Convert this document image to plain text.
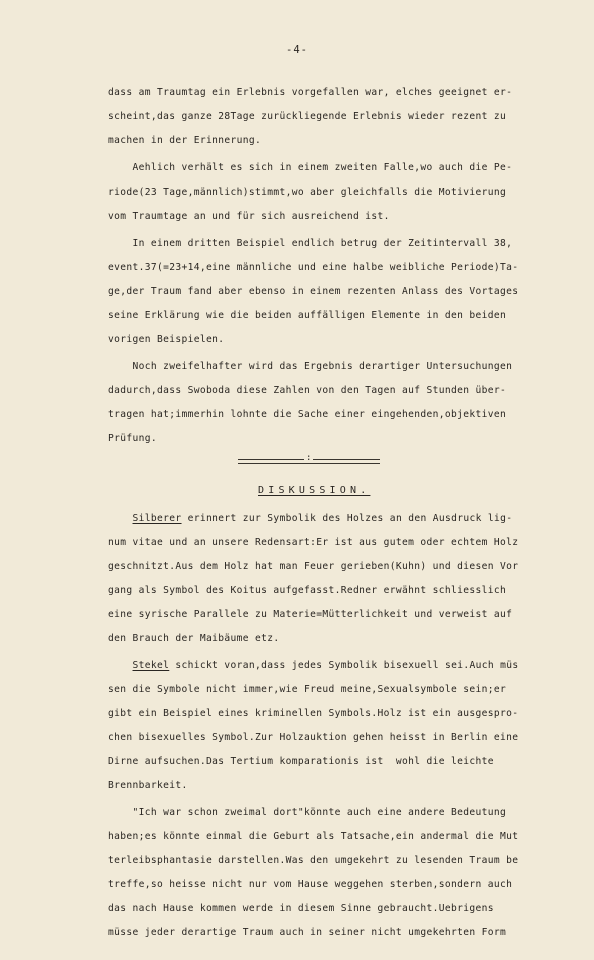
-4-
dass am Traumtag ein Erlebnis vorgefallen war, elches geeignet er-
scheint,das ganze 28Tage zurückliegende Erlebnis wieder rezent zu
machen in der Erinnerung.
Aehlich verhält es sich in einem zweiten Falle,wo auch die Pe-
riode(23 Tage,männlich)stimmt,wo aber gleichfalls die Motivierung
vom Traumtage an und für sich ausreichend ist.
In einem dritten Beispiel endlich betrug der Zeitintervall 38,
event.37(=23+14,eine männliche und eine halbe weibliche Periode)Ta-
ge,der Traum fand aber ebenso in einem rezenten Anlass des Vortages
seine Erklärung wie die beiden auffälligen Elemente in den beiden
vorigen Beispielen.
Noch zweifelhafter wird das Ergebnis derartiger Untersuchungen
dadurch,dass Swoboda diese Zahlen von den Tagen auf Stunden über-
tragen hat;immerhin lohnte die Sache einer eingehenden,objektiven
Prüfung.
:
DISKUSSION.
Silberer erinnert zur Symbolik des Holzes an den Ausdruck lig-
num vitae und an unsere Redensart:Er ist aus gutem oder echtem Holz
geschnitzt.Aus dem Holz hat man Feuer gerieben(Kuhn) und diesen Vor
gang als Symbol des Koitus aufgefasst.Redner erwähnt schliesslich
eine syrische Parallele zu Materie=Mütterlichkeit und verweist auf
den Brauch der Maibäume etz.
Stekel schickt voran,dass jedes Symbolik bisexuell sei.Auch müs
sen die Symbole nicht immer,wie Freud meine,Sexualsymbole sein;er
gibt ein Beispiel eines kriminellen Symbols.Holz ist ein ausgespro-
chen bisexuelles Symbol.Zur Holzauktion gehen heisst in Berlin eine
Dirne aufsuchen.Das Tertium komparationis ist  wohl die leichte
Brennbarkeit.
"Ich war schon zweimal dort"könnte auch eine andere Bedeutung
haben;es könnte einmal die Geburt als Tatsache,ein andermal die Mut
terleibsphantasie darstellen.Was den umgekehrt zu lesenden Traum be
treffe,so heisse nicht nur vom Hause weggehen sterben,sondern auch
das nach Hause kommen werde in diesem Sinne gebraucht.Uebrigens
müsse jeder derartige Traum auch in seiner nicht umgekehrten Form
